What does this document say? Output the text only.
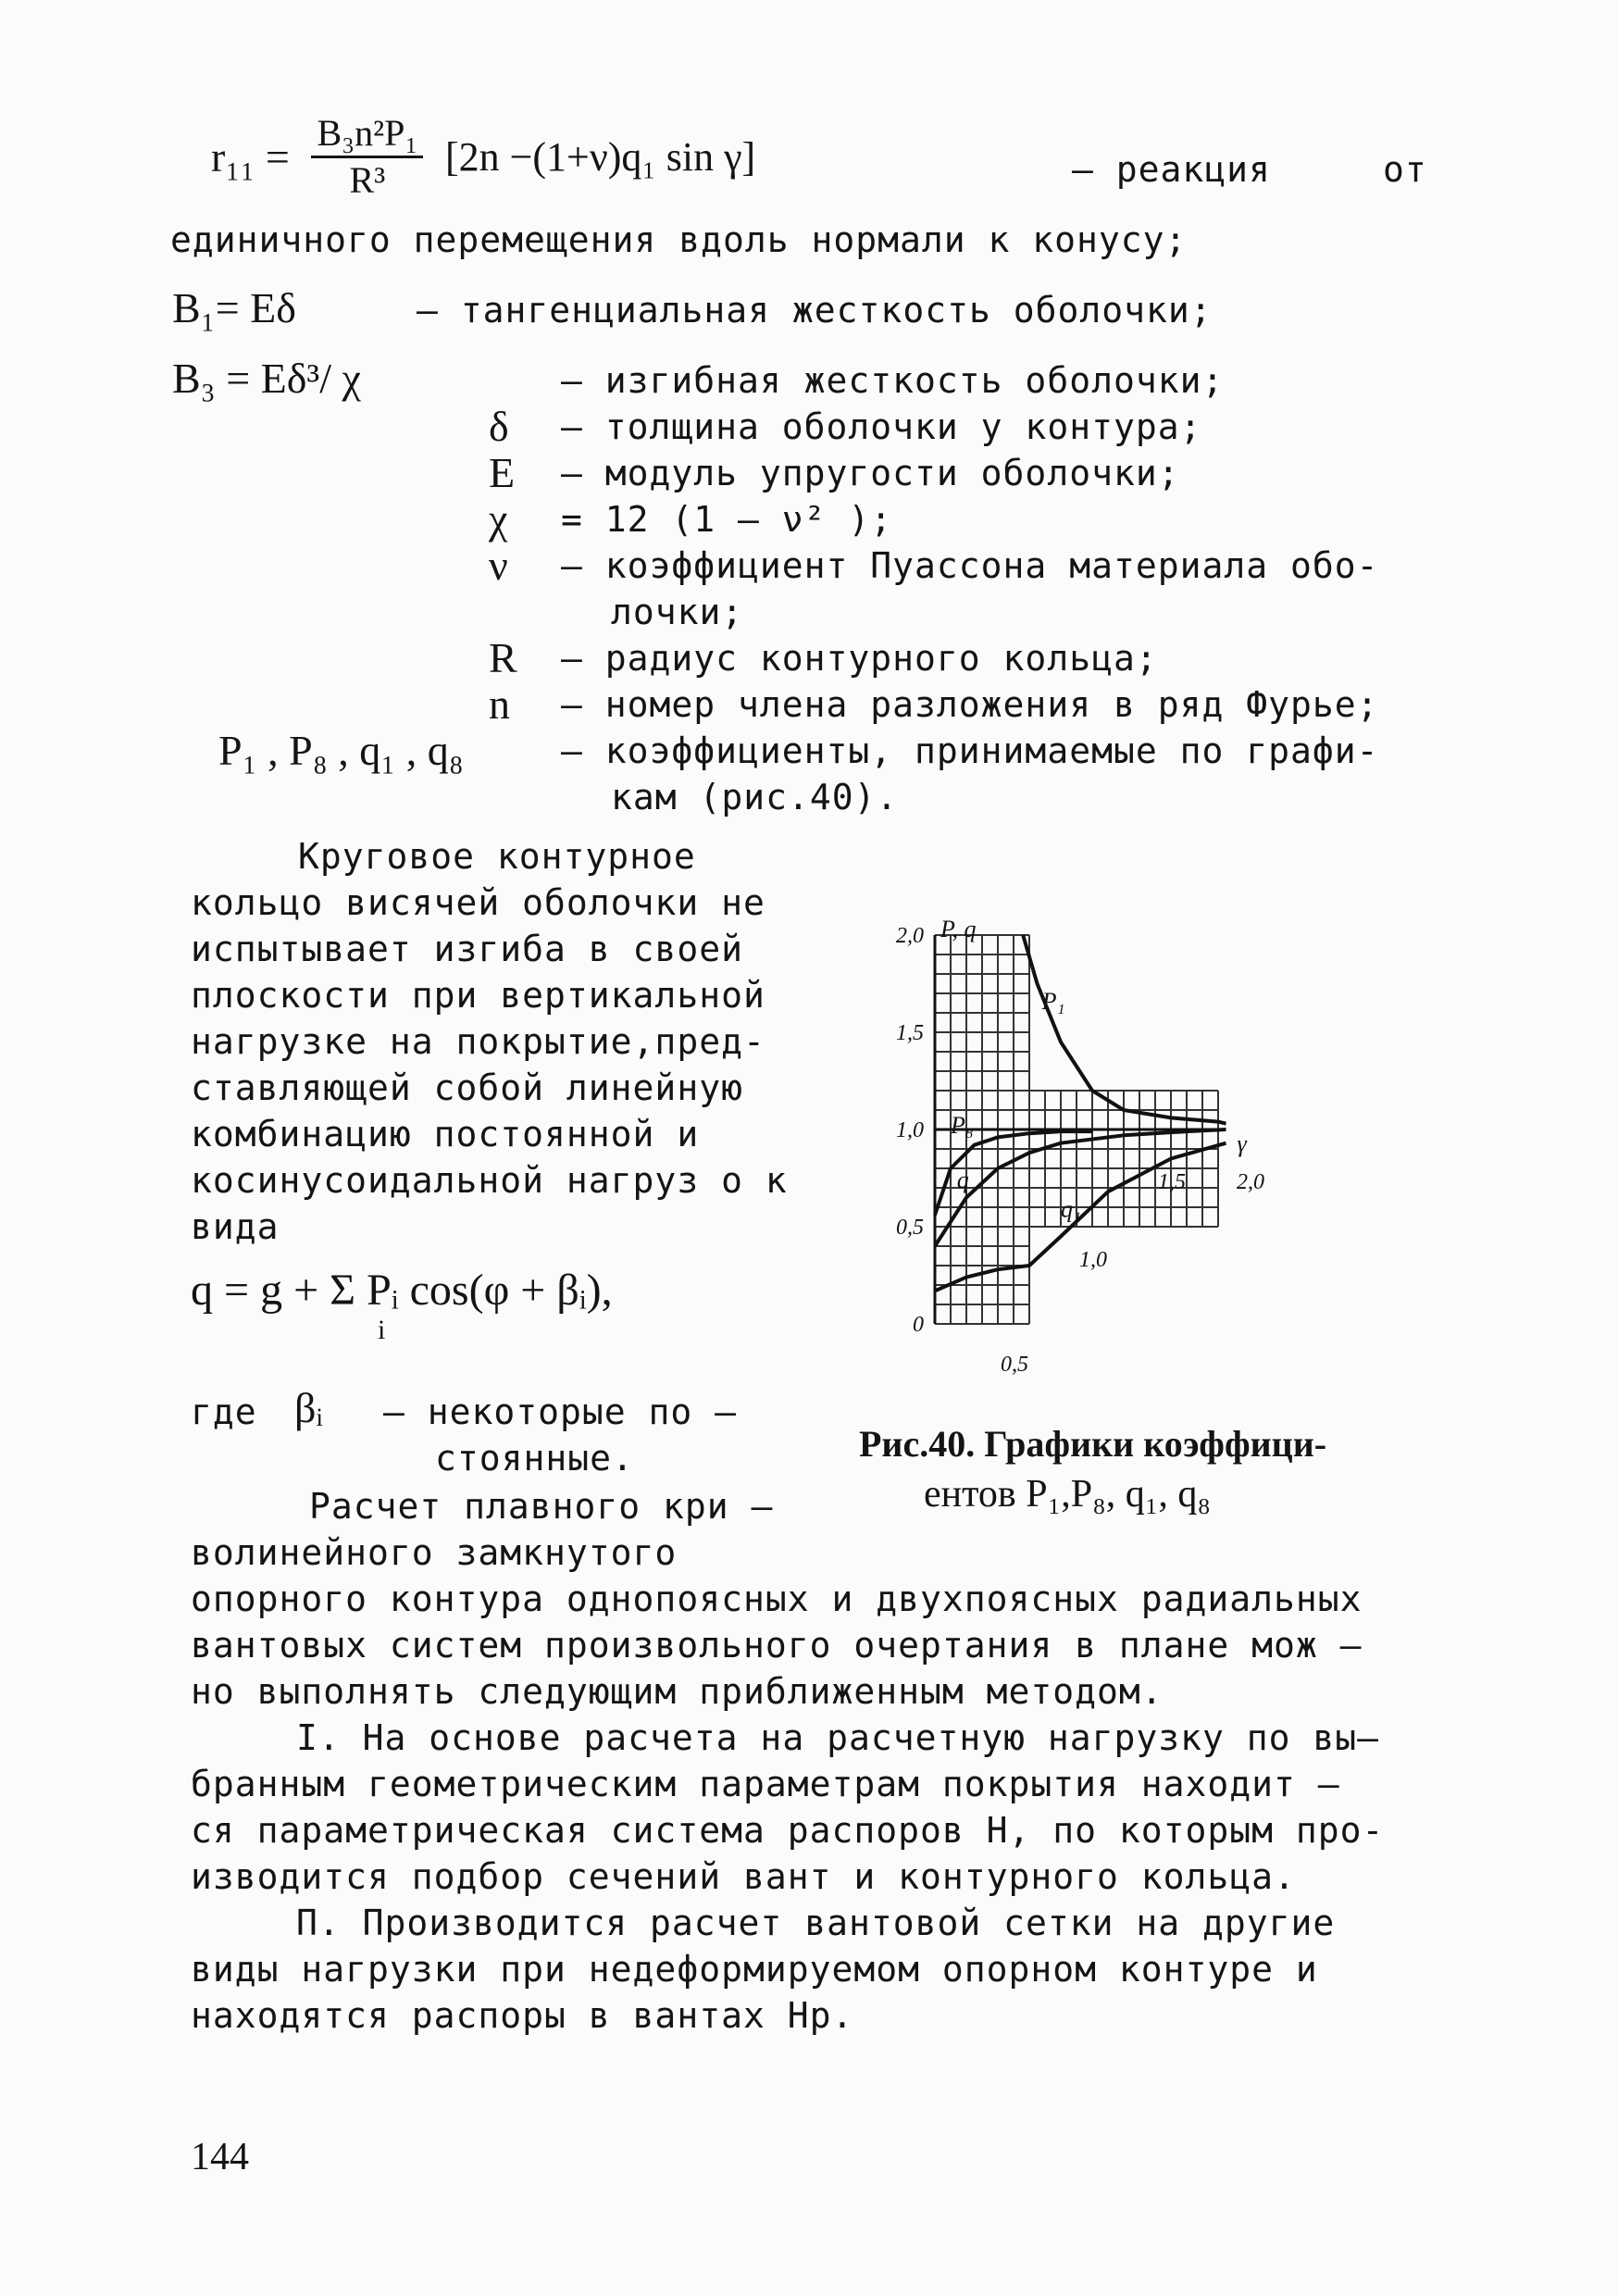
$r_{11} = \frac{\text{B₃n²P₁}}{\text{R³}} [2n -(1+\nu)q_1$ sin γ]	– реакция	от
единичного перемещения вдоль нормали к конусу;
B₁= Eδ	– тангенциальная жесткость оболочки;
B₃ = Eδ³/ χ	– изгибная жесткость оболочки;
δ – толщина оболочки у контура;
E – модуль упругости оболочки;
χ = 12 (1 – ν² );
ν – коэффициент Пуассона материала обо-
лочки;
R – радиус контурного кольца;
n – номер члена разложения в ряд Фурье;
P₁ , P₈ , q₁ , q₈	– коэффициенты, принимаемые по графи-
кам (рис.40).
Круговое контурное
кольцо висячей оболочки не
испытывает изгиба в своей
плоскости при вертикальной
нагрузке на покрытие,пред-
ставляющей собой линейную
комбинацию постоянной и
косинусоидальной нагруз о к
вида
q = g + Σ Pᵢ cos(φ + βᵢ),
i
где βᵢ – некоторые по –
стоянные.
Расчет плавного кри –
волинейного замкнутого
0
0,5
1,0
1,5
2,0
0,5
1,0
1,5 2,0
P, q
γ
P₁
P₈
q
q₁
Рис.40. Графики коэффици-
ентов P₁,P₈, q₁, q₈
опорного контура однопоясных и двухпоясных радиальных
вантовых систем произвольного очертания в плане мож –
но выполнять следующим приближенным методом.
I. На основе расчета на расчетную нагрузку по вы–
бранным геометрическим параметрам покрытия находит –
ся параметрическая система распоров H, по которым про-
изводится подбор сечений вант и контурного кольца.
П. Производится расчет вантовой сетки на другие
виды нагрузки при недеформируемом опорном контуре и
находятся распоры в вантах Hp.
144
